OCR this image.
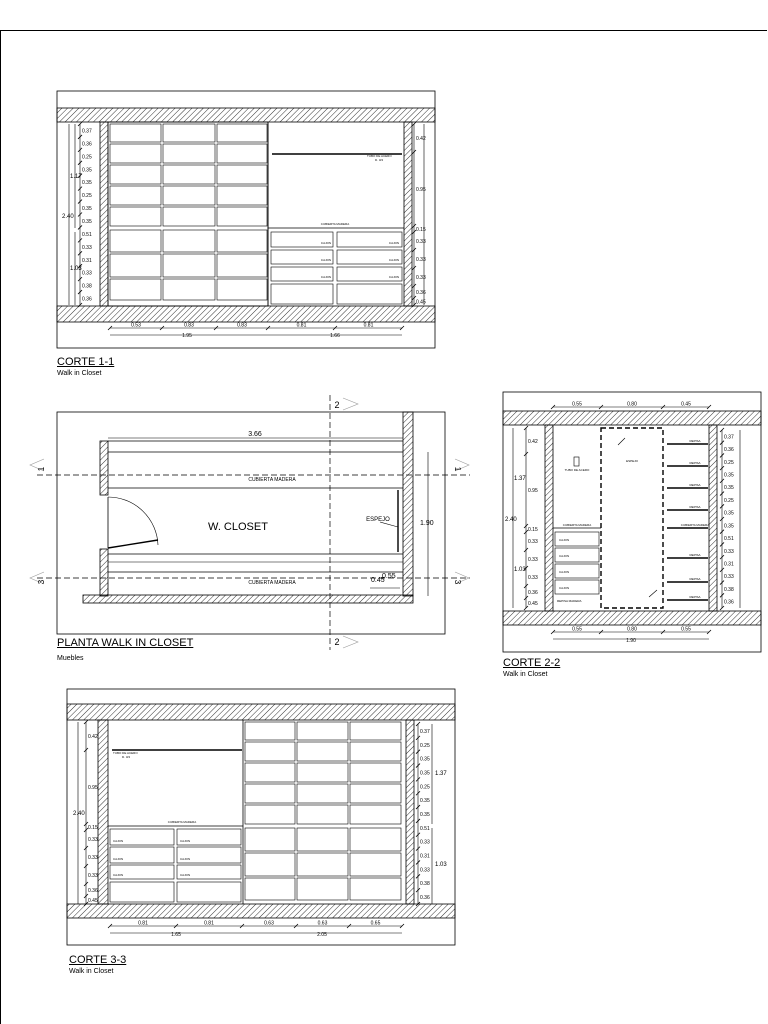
TUBO DE ACERO
D. 3/4
CUBIERTA MADERA
CAJON	CAJON
CAJON	CAJON
CAJON	CAJON
0.37
0.36
0.25
0.35
0.35
0.25
0.35
0.35
0.51
0.33
0.31
0.33
0.38
0.36
2.40
1.17
1.03
0.42
0.95
0.15
0.33
0.33
0.33
0.36
0.45
0.53	0.83	0.83	0.81	0.81
1.95	1.66
CUBIERTA MADERA
CUBIERTA MADERA
W. CLOSET
ESPEJO
3.66
1.90
0.45
0.55
1
3
1
3
2
2
ESPEJO
CUBIERTA MADERA
CAJON
CAJON
CAJON
CAJON
TUBO DE ACERO
REPISA MADERA
REPISA
REPISA
REPISA
REPISA
CUBIERTA MADERA
REPISA
REPISA
REPISA
0.55	0.80	0.45
0.55	0.80	0.55
1.90
0.42
0.95
0.15
0.33
0.33
0.33
0.36
0.45
2.40
1.37
1.03
0.37
0.36
0.25
0.35
0.35
0.25
0.35
0.35
0.51
0.33
0.31
0.33
0.38
0.36
TUBO DE ACERO
D. 3/4
CUBIERTA MADERA
CAJON	CAJON
CAJON	CAJON
CAJON	CAJON
0.42
0.95
0.15
0.33
0.33
0.33
0.36
0.45
2.40
0.37
0.25
0.35
0.35
0.25
0.35
0.35
0.51
0.33
0.31
0.33
0.38
0.36
1.37
1.03
0.81	0.81	0.63	0.63	0.65
1.65	2.05
CORTE 1-1
Walk in Closet
PLANTA WALK IN CLOSET
Muebles	CORTE 2-2
Walk in Closet
CORTE 3-3
Walk in Closet
